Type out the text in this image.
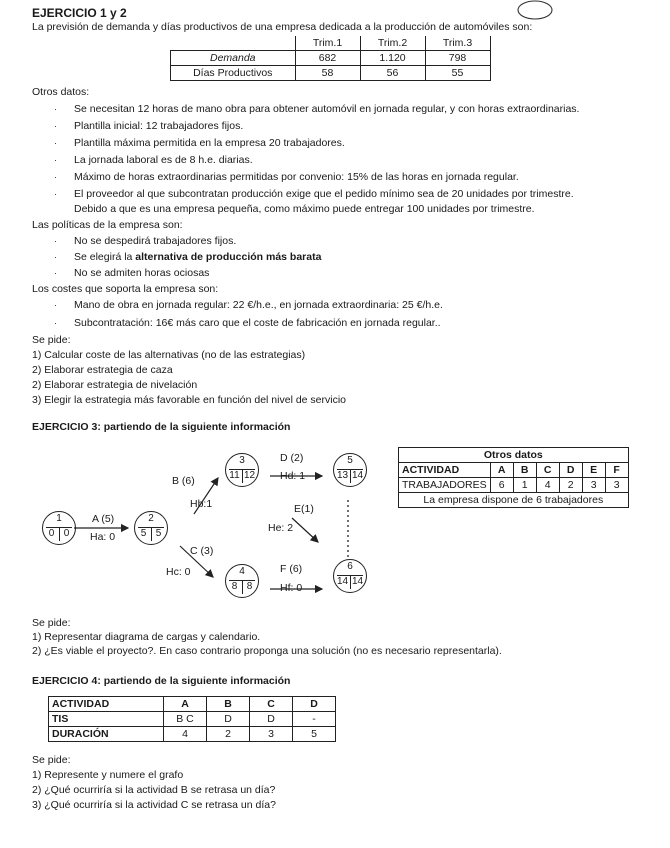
EJERCICIO 1 y 2
La previsión de demanda y días productivos de una empresa dedicada a la producción de automóviles son:
	Trim.1	Trim.2	Trim.3
Demanda	682	1.120	798
Días Productivos	58	56	55
Otros datos:
· Se necesitan 12 horas de mano obra para obtener automóvil en jornada regular, y con horas extraordinarias.
· Plantilla inicial: 12 trabajadores fijos.
· Plantilla máxima permitida en la empresa 20 trabajadores.
· La jornada laboral es de 8 h.e. diarias.
· Máximo de horas extraordinarias permitidas por convenio: 15% de las horas en jornada regular.
· El proveedor al que subcontratan producción exige que el pedido mínimo sea de 20 unidades por trimestre.
Debido a que es una empresa pequeña, como máximo puede entregar 100 unidades por trimestre.
Las políticas de la empresa son:
· No se despedirá trabajadores fijos.
· Se elegirá la alternativa de producción más barata
· No se admiten horas ociosas
Los costes que soporta la empresa son:
· Mano de obra en jornada regular: 22 €/h.e., en jornada extraordinaria: 25 €/h.e.
· Subcontratación: 16€ más caro que el coste de fabricación en jornada regular..
Se pide:
1) Calcular coste de las alternativas (no de las estrategias)
2) Elaborar estrategia de caza
2) Elaborar estrategia de nivelación
3) Elegir la estrategia más favorable en función del nivel de servicio
EJERCICIO 3: partiendo de la siguiente información
1
0 0
2
5 5
3
11 12
4
8 8
5
13 14
6
14 14
A (5)
Ha: 0
B (6)
Hb:1
C (3)
Hc: 0
D (2)
Hd: 1
E(1)
He: 2
F (6)
Hf: 0
Otros datos						
ACTIVIDAD	A	B	C	D	E	F
TRABAJADORES	6	1	4	2	3	3
La empresa dispone de 6 trabajadores						
Se pide:
1) Representar diagrama de cargas y calendario.
2) ¿Es viable el proyecto?. En caso contrario proponga una solución (no es necesario representarla).
EJERCICIO 4: partiendo de la siguiente información
ACTIVIDAD	A	B	C	D
TIS	B C	D	D	-
DURACIÓN	4	2	3	5
Se pide:
1) Represente y numere el grafo
2) ¿Qué ocurriría si la actividad B se retrasa un día?
3) ¿Qué ocurriría si la actividad C se retrasa un día?
